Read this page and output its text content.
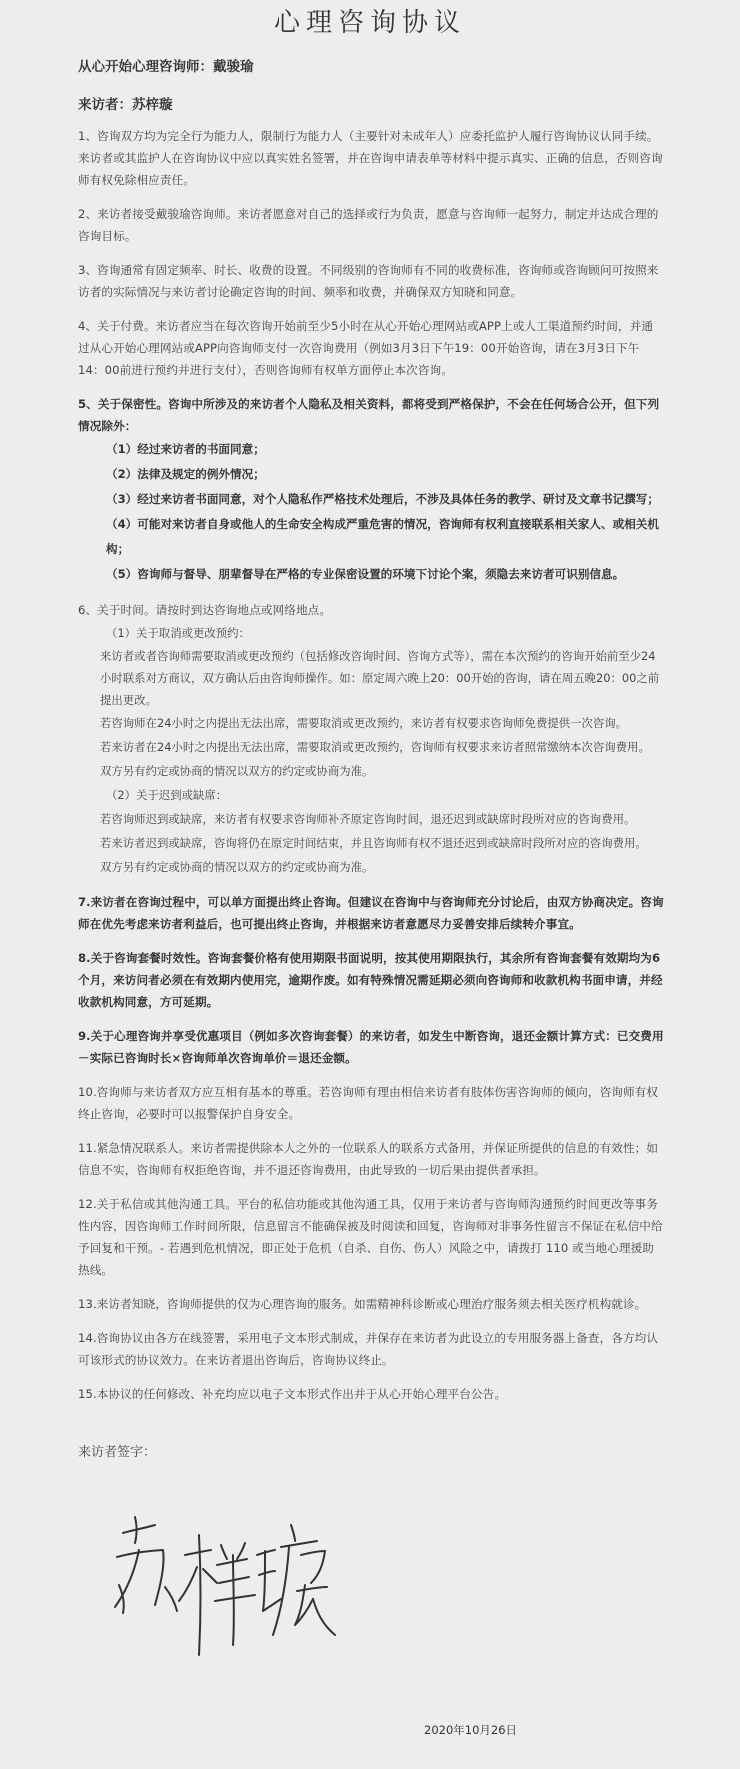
心理咨询协议
从心开始心理咨询师：戴骏瑜
来访者：苏梓璇
1、咨询双方均为完全行为能力人，限制行为能力人（主要针对未成年人）应委托监护人履行咨询协议认同手续。来访者或其监护人在咨询协议中应以真实姓名签署，并在咨询申请表单等材料中提示真实、正确的信息，否则咨询师有权免除相应责任。
2、来访者接受戴骏瑜咨询师。来访者愿意对自己的选择或行为负责，愿意与咨询师一起努力，制定并达成合理的咨询目标。
3、咨询通常有固定频率、时长、收费的设置。不同级别的咨询师有不同的收费标准，咨询师或咨询顾问可按照来访者的实际情况与来访者讨论确定咨询的时间、频率和收费，并确保双方知晓和同意。
4、关于付费。来访者应当在每次咨询开始前至少5小时在从心开始心理网站或APP上或人工渠道预约时间，并通过从心开始心理网站或APP向咨询师支付一次咨询费用（例如3月3日下午19：00开始咨询，请在3月3日下午14：00前进行预约并进行支付），否则咨询师有权单方面停止本次咨询。
5、关于保密性。咨询中所涉及的来访者个人隐私及相关资料，都将受到严格保护，不会在任何场合公开，但下列情况除外：
（1）经过来访者的书面同意；
（2）法律及规定的例外情况；
（3）经过来访者书面同意，对个人隐私作严格技术处理后，不涉及具体任务的教学、研讨及文章书记撰写；
（4）可能对来访者自身或他人的生命安全构成严重危害的情况，咨询师有权利直接联系相关家人、或相关机构；
（5）咨询师与督导、朋辈督导在严格的专业保密设置的环境下讨论个案，须隐去来访者可识别信息。
6、关于时间。请按时到达咨询地点或网络地点。
（1）关于取消或更改预约：
来访者或者咨询师需要取消或更改预约（包括修改咨询时间、咨询方式等），需在本次预约的咨询开始前至少24小时联系对方商议，双方确认后由咨询师操作。如：原定周六晚上20：00开始的咨询，请在周五晚20：00之前提出更改。
若咨询师在24小时之内提出无法出席，需要取消或更改预约，来访者有权要求咨询师免费提供一次咨询。
若来访者在24小时之内提出无法出席，需要取消或更改预约，咨询师有权要求来访者照常缴纳本次咨询费用。
双方另有约定或协商的情况以双方的约定或协商为准。
（2）关于迟到或缺席：
若咨询师迟到或缺席，来访者有权要求咨询师补齐原定咨询时间，退还迟到或缺席时段所对应的咨询费用。
若来访者迟到或缺席，咨询将仍在原定时间结束，并且咨询师有权不退还迟到或缺席时段所对应的咨询费用。
双方另有约定或协商的情况以双方的约定或协商为准。
7.来访者在咨询过程中，可以单方面提出终止咨询。但建议在咨询中与咨询师充分讨论后，由双方协商决定。咨询师在优先考虑来访者利益后，也可提出终止咨询，并根据来访者意愿尽力妥善安排后续转介事宜。
8.关于咨询套餐时效性。咨询套餐价格有使用期限书面说明，按其使用期限执行，其余所有咨询套餐有效期均为6个月，来访问者必须在有效期内使用完，逾期作废。如有特殊情况需延期必须向咨询师和收款机构书面申请，并经收款机构同意，方可延期。
9.关于心理咨询并享受优惠项目（例如多次咨询套餐）的来访者，如发生中断咨询，退还金额计算方式：已交费用－实际已咨询时长×咨询师单次咨询单价＝退还金额。
10.咨询师与来访者双方应互相有基本的尊重。若咨询师有理由相信来访者有肢体伤害咨询师的倾向，咨询师有权终止咨询，必要时可以报警保护自身安全。
11.紧急情况联系人。来访者需提供除本人之外的一位联系人的联系方式备用，并保证所提供的信息的有效性；如信息不实，咨询师有权拒绝咨询，并不退还咨询费用，由此导致的一切后果由提供者承担。
12.关于私信或其他沟通工具。平台的私信功能或其他沟通工具，仅用于来访者与咨询师沟通预约时间更改等事务性内容，因咨询师工作时间所限，信息留言不能确保被及时阅读和回复，咨询师对非事务性留言不保证在私信中给予回复和干预。- 若遇到危机情况，即正处于危机（自杀、自伤、伤人）风险之中，请拨打 110 或当地心理援助热线。
13.来访者知晓，咨询师提供的仅为心理咨询的服务。如需精神科诊断或心理治疗服务须去相关医疗机构就诊。
14.咨询协议由各方在线签署，采用电子文本形式制成，并保存在来访者为此设立的专用服务器上备查，各方均认可该形式的协议效力。在来访者退出咨询后，咨询协议终止。
15.本协议的任何修改、补充均应以电子文本形式作出并于从心开始心理平台公告。
来访者签字：
2020年10月26日
